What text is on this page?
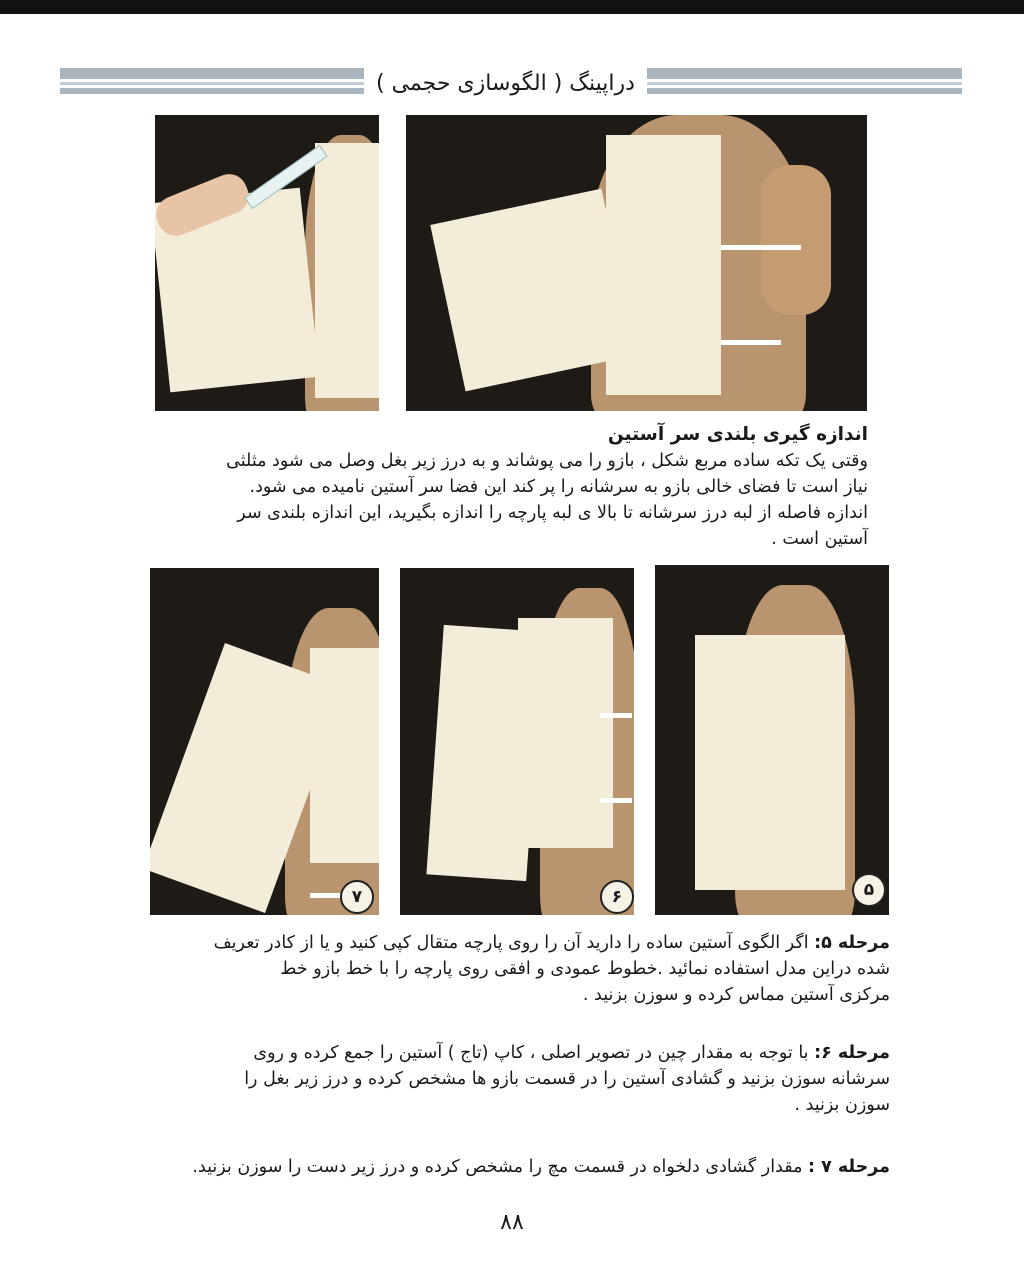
دراپینگ ( الگوسازی حجمی )
اندازه گیری بلندی سر آستین
وقتی یک تکه ساده مربع شکل ، بازو را می پوشاند و به درز زیر بغل وصل می شود مثلثی
نیاز است تا فضای خالی بازو به سرشانه را پر کند این فضا سر آستین نامیده می شود.
اندازه فاصله از لبه درز سرشانه تا بالا ی لبه پارچه را اندازه بگیرید، این اندازه بلندی سر
آستین است .
٧	۶	۵
مرحله ۵: اگر الگوی آستین ساده را دارید آن را روی پارچه متقال کپی کنید و یا از کادر تعریف
شده دراین مدل استفاده نمائید .خطوط عمودی و افقی روی پارچه را با خط بازو خط
مرکزی آستین مماس کرده و سوزن بزنید .
مرحله ۶: با توجه به مقدار چین در تصویر اصلی ، کاپ (تاج ) آستین را جمع کرده و روی
سرشانه سوزن بزنید و گشادی آستین را در قسمت بازو ها مشخص کرده و درز زیر بغل را
سوزن بزنید .
مرحله ۷ : مقدار گشادی دلخواه در قسمت مچ را مشخص کرده و درز زیر دست را سوزن بزنید.
۸۸
